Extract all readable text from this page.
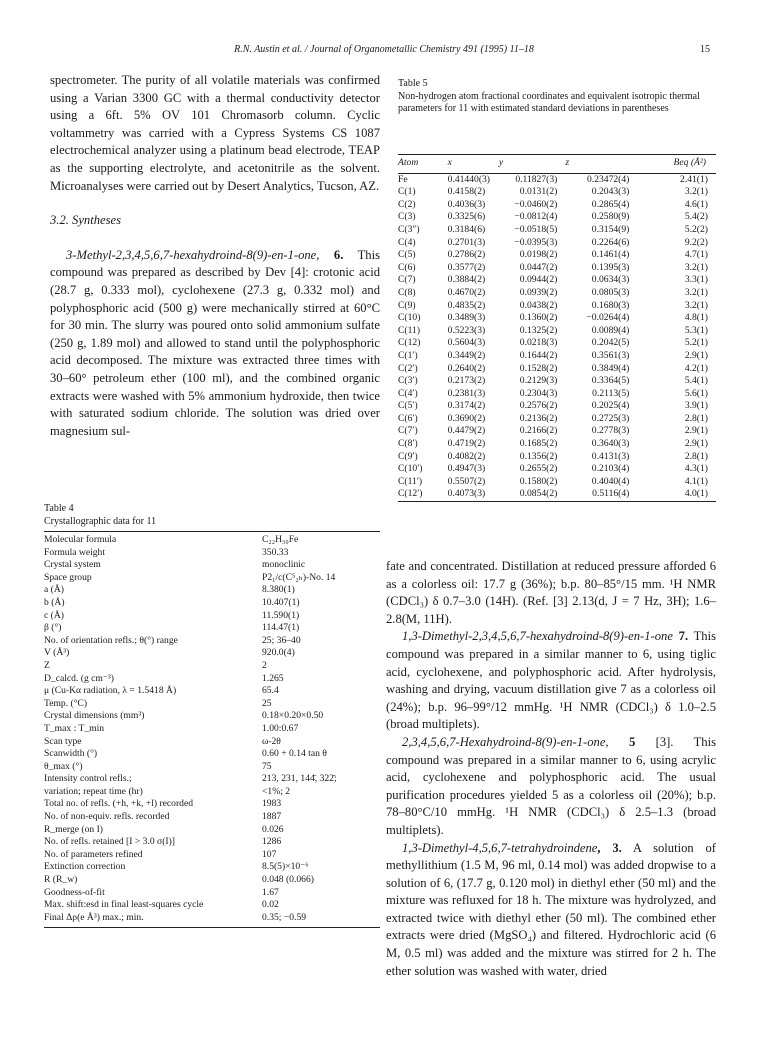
R.N. Austin et al. / Journal of Organometallic Chemistry 491 (1995) 11–18	15

spectrometer. The purity of all volatile materials was confirmed using a Varian 3300 GC with a thermal conductivity detector using a 6ft. 5% OV 101 Chromasorb column. Cyclic voltammetry was carried with a Cypress Systems CS 1087 electrochemical analyzer using a platinum bead electrode, TEAP as the supporting electrolyte, and acetonitrile as the solvent. Microanalyses were carried out by Desert Analytics, Tucson, AZ.

3.2. Syntheses

3-Methyl-2,3,4,5,6,7-hexahydroind-8(9)-en-1-one, 6. This compound was prepared as described by Dev [4]: crotonic acid (28.7 g, 0.333 mol), cyclohexene (27.3 g, 0.332 mol) and polyphosphoric acid (500 g) were mechanically stirred at 60°C for 30 min. The slurry was poured onto solid ammonium sulfate (250 g, 1.89 mol) and allowed to stand until the polyphosphoric acid decomposed. The mixture was extracted three times with 30–60° petroleum ether (100 ml), and the combined organic extracts were washed with 5% ammonium hydroxide, then twice with saturated sodium chloride. The solution was dried over magnesium sul-

Table 5
Non-hydrogen atom fractional coordinates and equivalent isotropic thermal parameters for 11 with estimated standard deviations in parentheses
Atom	x	y	z	Beq (Å²)
Fe	0.41440(3)	0.11827(3)	0.23472(4)	2.41(1)
C(1)	0.4158(2)	0.0131(2)	0.2043(3)	3.2(1)
C(2)	0.4036(3)	−0.0460(2)	0.2865(4)	4.6(1)
C(3)	0.3325(6)	−0.0812(4)	0.2580(9)	5.4(2)
C(3″)	0.3184(6)	−0.0518(5)	0.3154(9)	5.2(2)
C(4)	0.2701(3)	−0.0395(3)	0.2264(6)	9.2(2)
C(5)	0.2786(2)	0.0198(2)	0.1461(4)	4.7(1)
C(6)	0.3577(2)	0.0447(2)	0.1395(3)	3.2(1)
C(7)	0.3884(2)	0.0944(2)	0.0634(3)	3.3(1)
C(8)	0.4670(2)	0.0939(2)	0.0805(3)	3.2(1)
C(9)	0.4835(2)	0.0438(2)	0.1680(3)	3.2(1)
C(10)	0.3489(3)	0.1360(2)	−0.0264(4)	4.8(1)
C(11)	0.5223(3)	0.1325(2)	0.0089(4)	5.3(1)
C(12)	0.5604(3)	0.0218(3)	0.2042(5)	5.2(1)
C(1′)	0.3449(2)	0.1644(2)	0.3561(3)	2.9(1)
C(2′)	0.2640(2)	0.1528(2)	0.3849(4)	4.2(1)
C(3′)	0.2173(2)	0.2129(3)	0.3364(5)	5.4(1)
C(4′)	0.2381(3)	0.2304(3)	0.2113(5)	5.6(1)
C(5′)	0.3174(2)	0.2576(2)	0.2025(4)	3.9(1)
C(6′)	0.3690(2)	0.2136(2)	0.2725(3)	2.8(1)
C(7′)	0.4479(2)	0.2166(2)	0.2778(3)	2.9(1)
C(8′)	0.4719(2)	0.1685(2)	0.3640(3)	2.9(1)
C(9′)	0.4082(2)	0.1356(2)	0.4131(3)	2.8(1)
C(10′)	0.4947(3)	0.2655(2)	0.2103(4)	4.3(1)
C(11′)	0.5507(2)	0.1580(2)	0.4040(4)	4.1(1)
C(12′)	0.4073(3)	0.0854(2)	0.5116(4)	4.0(1)
Table 4
Crystallographic data for 11
Molecular formula	C₂₂H₃₀Fe
Formula weight	350.33
Crystal system	monoclinic
Space group	P2₁/c(C⁵₂ₕ)-No. 14
a (Å)	8.380(1)
b (Å)	10.407(1)
c (Å)	11.590(1)
β (°)	114.47(1)
No. of orientation refls.; θ(°) range	25; 36–40
V (Å³)	920.0(4)
Z	2
D_calcd. (g cm⁻³)	1.265
μ (Cu-Kα radiation, λ = 1.5418 Å)	65.4
Temp. (°C)	25
Crystal dimensions (mm³)	0.18×0.20×0.50
T_max : T_min	1.00:0.67
Scan type	ω-2θ
Scanwidth (°)	0.60 + 0.14 tan θ
θ_max (°)	75
Intensity control refls.;	213, 231, 144̄, 322̄;
variation; repeat time (hr)	<1%; 2
Total no. of refls. (+h, +k, +l) recorded	1983
No. of non-equiv. refls. recorded	1887
R_merge (on I)	0.026
No. of refls. retained [I > 3.0 σ(I)]	1286
No. of parameters refined	107
Extinction correction	8.5(5)×10⁻⁶
R (R_w)	0.048 (0.066)
Goodness-of-fit	1.67
Max. shift:esd in final least-squares cycle	0.02
Final Δρ(e Å³) max.; min.	0.35; −0.59

fate and concentrated. Distillation at reduced pressure afforded 6 as a colorless oil: 17.7 g (36%); b.p. 80–85°/15 mm. ¹H NMR (CDCl₃) δ 0.7–3.0 (14H). (Ref. [3] 2.13(d, J = 7 Hz, 3H); 1.6–2.8(M, 11H).

1,3-Dimethyl-2,3,4,5,6,7-hexahydroind-8(9)-en-1-one 7. This compound was prepared in a similar manner to 6, using tiglic acid, cyclohexene, and polyphosphoric acid. After hydrolysis, washing and drying, vacuum distillation give 7 as a colorless oil (24%); b.p. 96–99°/12 mmHg. ¹H NMR (CDCl₃) δ 1.0–2.5 (broad multiplets).

2,3,4,5,6,7-Hexahydroind-8(9)-en-1-one, 5 [3]. This compound was prepared in a similar manner to 6, using acrylic acid, cyclohexene and polyphosphoric acid. The usual purification procedures yielded 5 as a colorless oil (20%); b.p. 78–80°C/10 mmHg. ¹H NMR (CDCl₃) δ 2.5–1.3 (broad multiplets).

1,3-Dimethyl-4,5,6,7-tetrahydroindene, 3. A solution of methyllithium (1.5 M, 96 ml, 0.14 mol) was added dropwise to a solution of 6, (17.7 g, 0.120 mol) in diethyl ether (50 ml) and the mixture was refluxed for 18 h. The mixture was hydrolyzed, and extracted twice with diethyl ether (50 ml). The combined ether extracts were dried (MgSO₄) and filtered. Hydrochloric acid (6 M, 0.5 ml) was added and the mixture was stirred for 2 h. The ether solution was washed with water, dried
